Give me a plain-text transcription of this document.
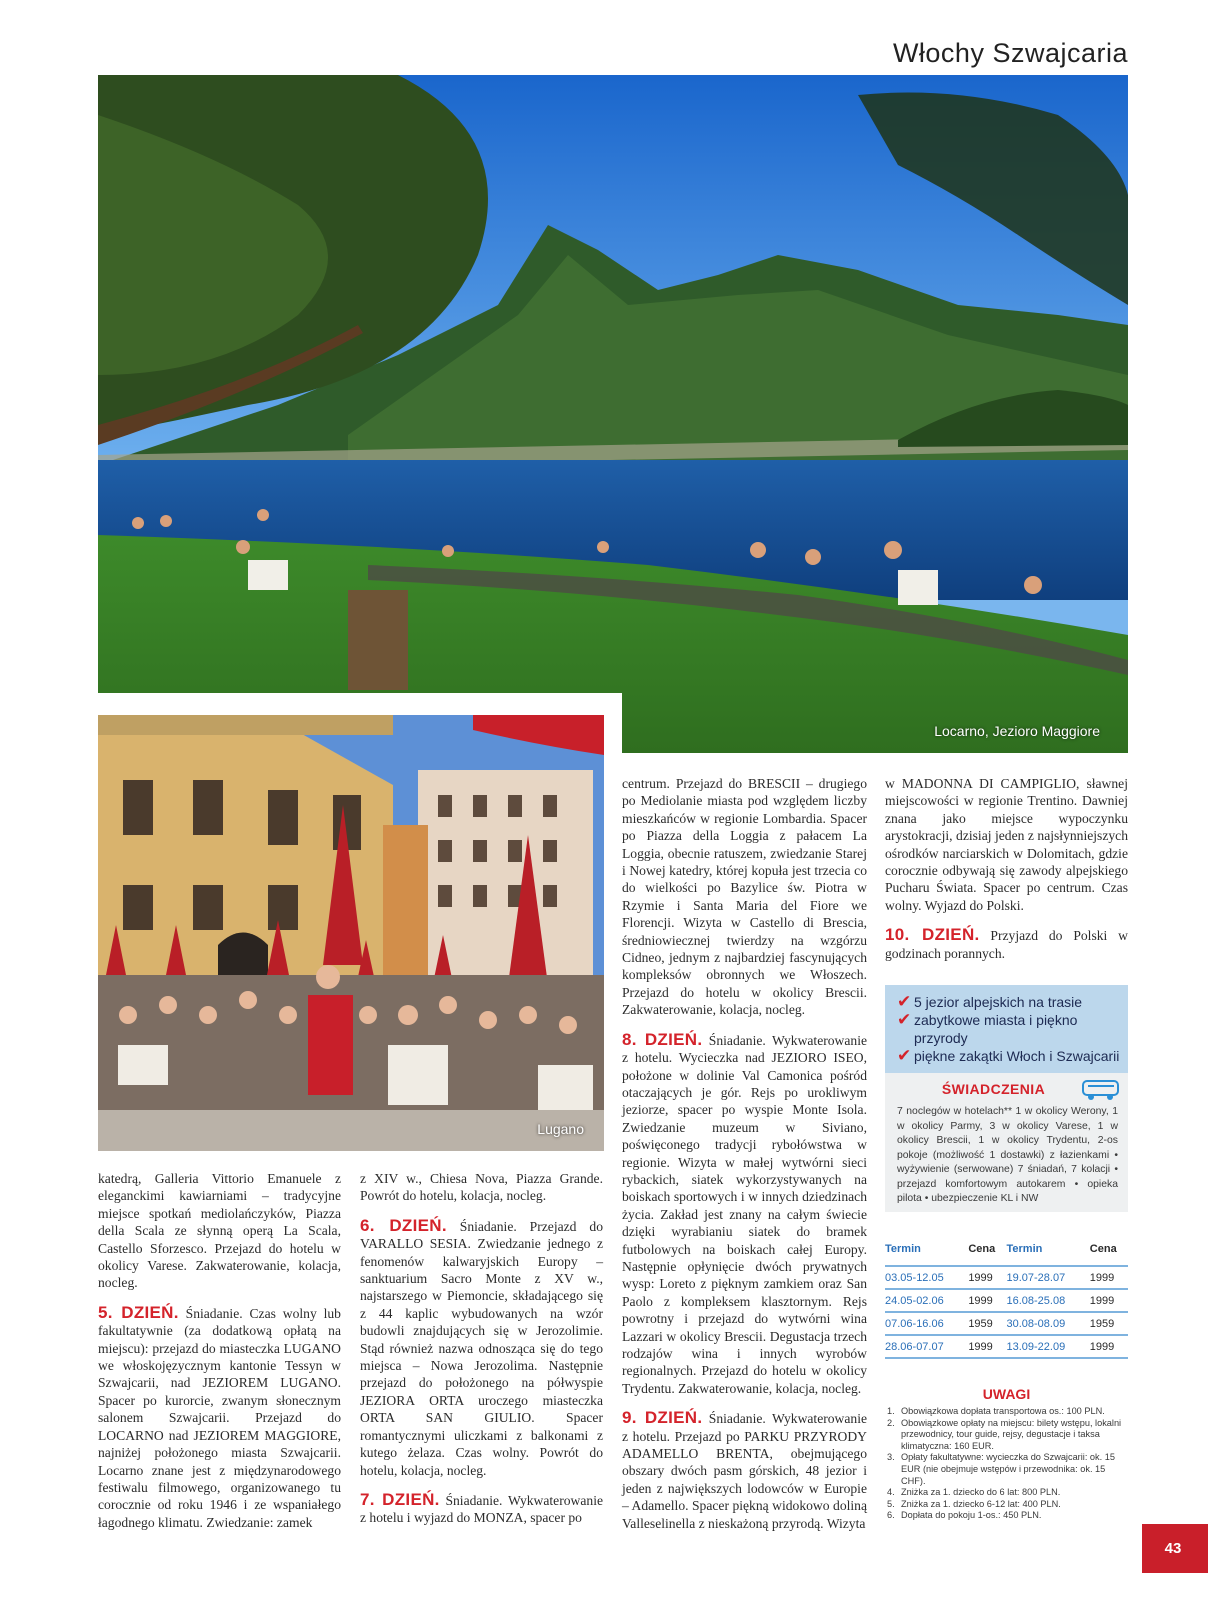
Włochy Szwajcaria
Locarno, Jezioro Maggiore
Lugano

katedrą, Galleria Vittorio Emanuele z eleganckimi kawiarniami – tradycyjne miejsce spotkań mediolańczyków, Piazza della Scala ze słynną operą La Scala, Castello Sforzesco. Przejazd do hotelu w okolicy Varese. Zakwaterowanie, kolacja, nocleg.

5. DZIEŃ. Śniadanie. Czas wolny lub fakultatywnie (za dodatkową opłatą na miejscu): przejazd do miasteczka LUGANO we włoskojęzycznym kantonie Tessyn w Szwajcarii, nad JEZIOREM LUGANO. Spacer po kurorcie, zwanym słonecznym salonem Szwajcarii. Przejazd do LOCARNO nad JEZIOREM MAGGIORE, najniżej położonego miasta Szwajcarii. Locarno znane jest z międzynarodowego festiwalu filmowego, organizowanego tu corocznie od roku 1946 i ze wspaniałego łagodnego klimatu. Zwiedzanie: zamek

z XIV w., Chiesa Nova, Piazza Grande. Powrót do hotelu, kolacja, nocleg.

6. DZIEŃ. Śniadanie. Przejazd do VARALLO SESIA. Zwiedzanie jednego z fenomenów kalwaryjskich Europy – sanktuarium Sacro Monte z XV w., najstarszego w Piemoncie, składającego się z 44 kaplic wybudowanych na wzór budowli znajdujących się w Jerozolimie. Stąd również nazwa odnosząca się do tego miejsca – Nowa Jerozolima. Następnie przejazd do położonego na półwyspie JEZIORA ORTA uroczego miasteczka ORTA SAN GIULIO. Spacer romantycznymi uliczkami z balkonami z kutego żelaza. Czas wolny. Powrót do hotelu, kolacja, nocleg.

7. DZIEŃ. Śniadanie. Wykwaterowanie z hotelu i wyjazd do MONZA, spacer po

centrum. Przejazd do BRESCII – drugiego po Mediolanie miasta pod względem liczby mieszkańców w regionie Lombardia. Spacer po Piazza della Loggia z pałacem La Loggia, obecnie ratuszem, zwiedzanie Starej i Nowej katedry, której kopuła jest trzecia co do wielkości po Bazylice św. Piotra w Rzymie i Santa Maria del Fiore we Florencji. Wizyta w Castello di Brescia, średniowiecznej twierdzy na wzgórzu Cidneo, jednym z najbardziej fascynujących kompleksów obronnych we Włoszech. Przejazd do hotelu w okolicy Brescii. Zakwaterowanie, kolacja, nocleg.

8. DZIEŃ. Śniadanie. Wykwaterowanie z hotelu. Wycieczka nad JEZIORO ISEO, położone w dolinie Val Camonica pośród otaczających je gór. Rejs po urokliwym jeziorze, spacer po wyspie Monte Isola. Zwiedzanie muzeum w Siviano, poświęconego tradycji rybołówstwa w regionie. Wizyta w małej wytwórni sieci rybackich, siatek wykorzystywanych na boiskach sportowych i w innych dziedzinach życia. Zakład jest znany na całym świecie dzięki wyrabianiu siatek do bramek futbolowych na boiskach całej Europy. Następnie opłynięcie dwóch prywatnych wysp: Loreto z pięknym zamkiem oraz San Paolo z kompleksem klasztornym. Rejs powrotny i przejazd do wytwórni wina Lazzari w okolicy Brescii. Degustacja trzech rodzajów wina i innych wyrobów regionalnych. Przejazd do hotelu w okolicy Trydentu. Zakwaterowanie, kolacja, nocleg.

9. DZIEŃ. Śniadanie. Wykwaterowanie z hotelu. Przejazd po PARKU PRZYRODY ADAMELLO BRENTA, obejmującego obszary dwóch pasm górskich, 48 jezior i jeden z największych lodowców w Europie – Adamello. Spacer piękną widokowo doliną Valleselinella z nieskażoną przyrodą. Wizyta

w MADONNA DI CAMPIGLIO, sławnej miejscowości w regionie Trentino. Dawniej znana jako miejsce wypoczynku arystokracji, dzisiaj jeden z najsłynniejszych ośrodków narciarskich w Dolomitach, gdzie corocznie odbywają się zawody alpejskiego Pucharu Świata. Spacer po centrum. Czas wolny. Wyjazd do Polski.

10. DZIEŃ. Przyjazd do Polski w godzinach porannych.

✔ 5 jezior alpejskich na trasie
✔ zabytkowe miasta i piękno przyrody
✔ piękne zakątki Włoch i Szwajcarii
ŚWIADCZENIA
7 noclegów w hotelach** 1 w okolicy Werony, 1 w okolicy Parmy, 3 w okolicy Varese, 1 w okolicy Brescii, 1 w okolicy Trydentu, 2-os pokoje (możliwość 1 dostawki) z łazienkami • wyżywienie (serwowane) 7 śniadań, 7 kolacji • przejazd komfortowym autokarem • opieka pilota • ubezpieczenie KL i NW
Termin	Cena	Termin	Cena
03.05-12.05	1999	19.07-28.07	1999
24.05-02.06	1999	16.08-25.08	1999
07.06-16.06	1959	30.08-08.09	1959
28.06-07.07	1999	13.09-22.09	1999
UWAGI
1. Obowiązkowa dopłata transportowa os.: 100 PLN.
2. Obowiązkowe opłaty na miejscu: bilety wstępu, lokalni przewodnicy, tour guide, rejsy, degustacje i taksa klimatyczna: 160 EUR.
3. Opłaty fakultatywne: wycieczka do Szwajcarii: ok. 15 EUR (nie obejmuje wstępów i przewodnika: ok. 15 CHF).
4. Zniżka za 1. dziecko do 6 lat: 800 PLN.
5. Zniżka za 1. dziecko 6-12 lat: 400 PLN.
6. Dopłata do pokoju 1-os.: 450 PLN.
43
